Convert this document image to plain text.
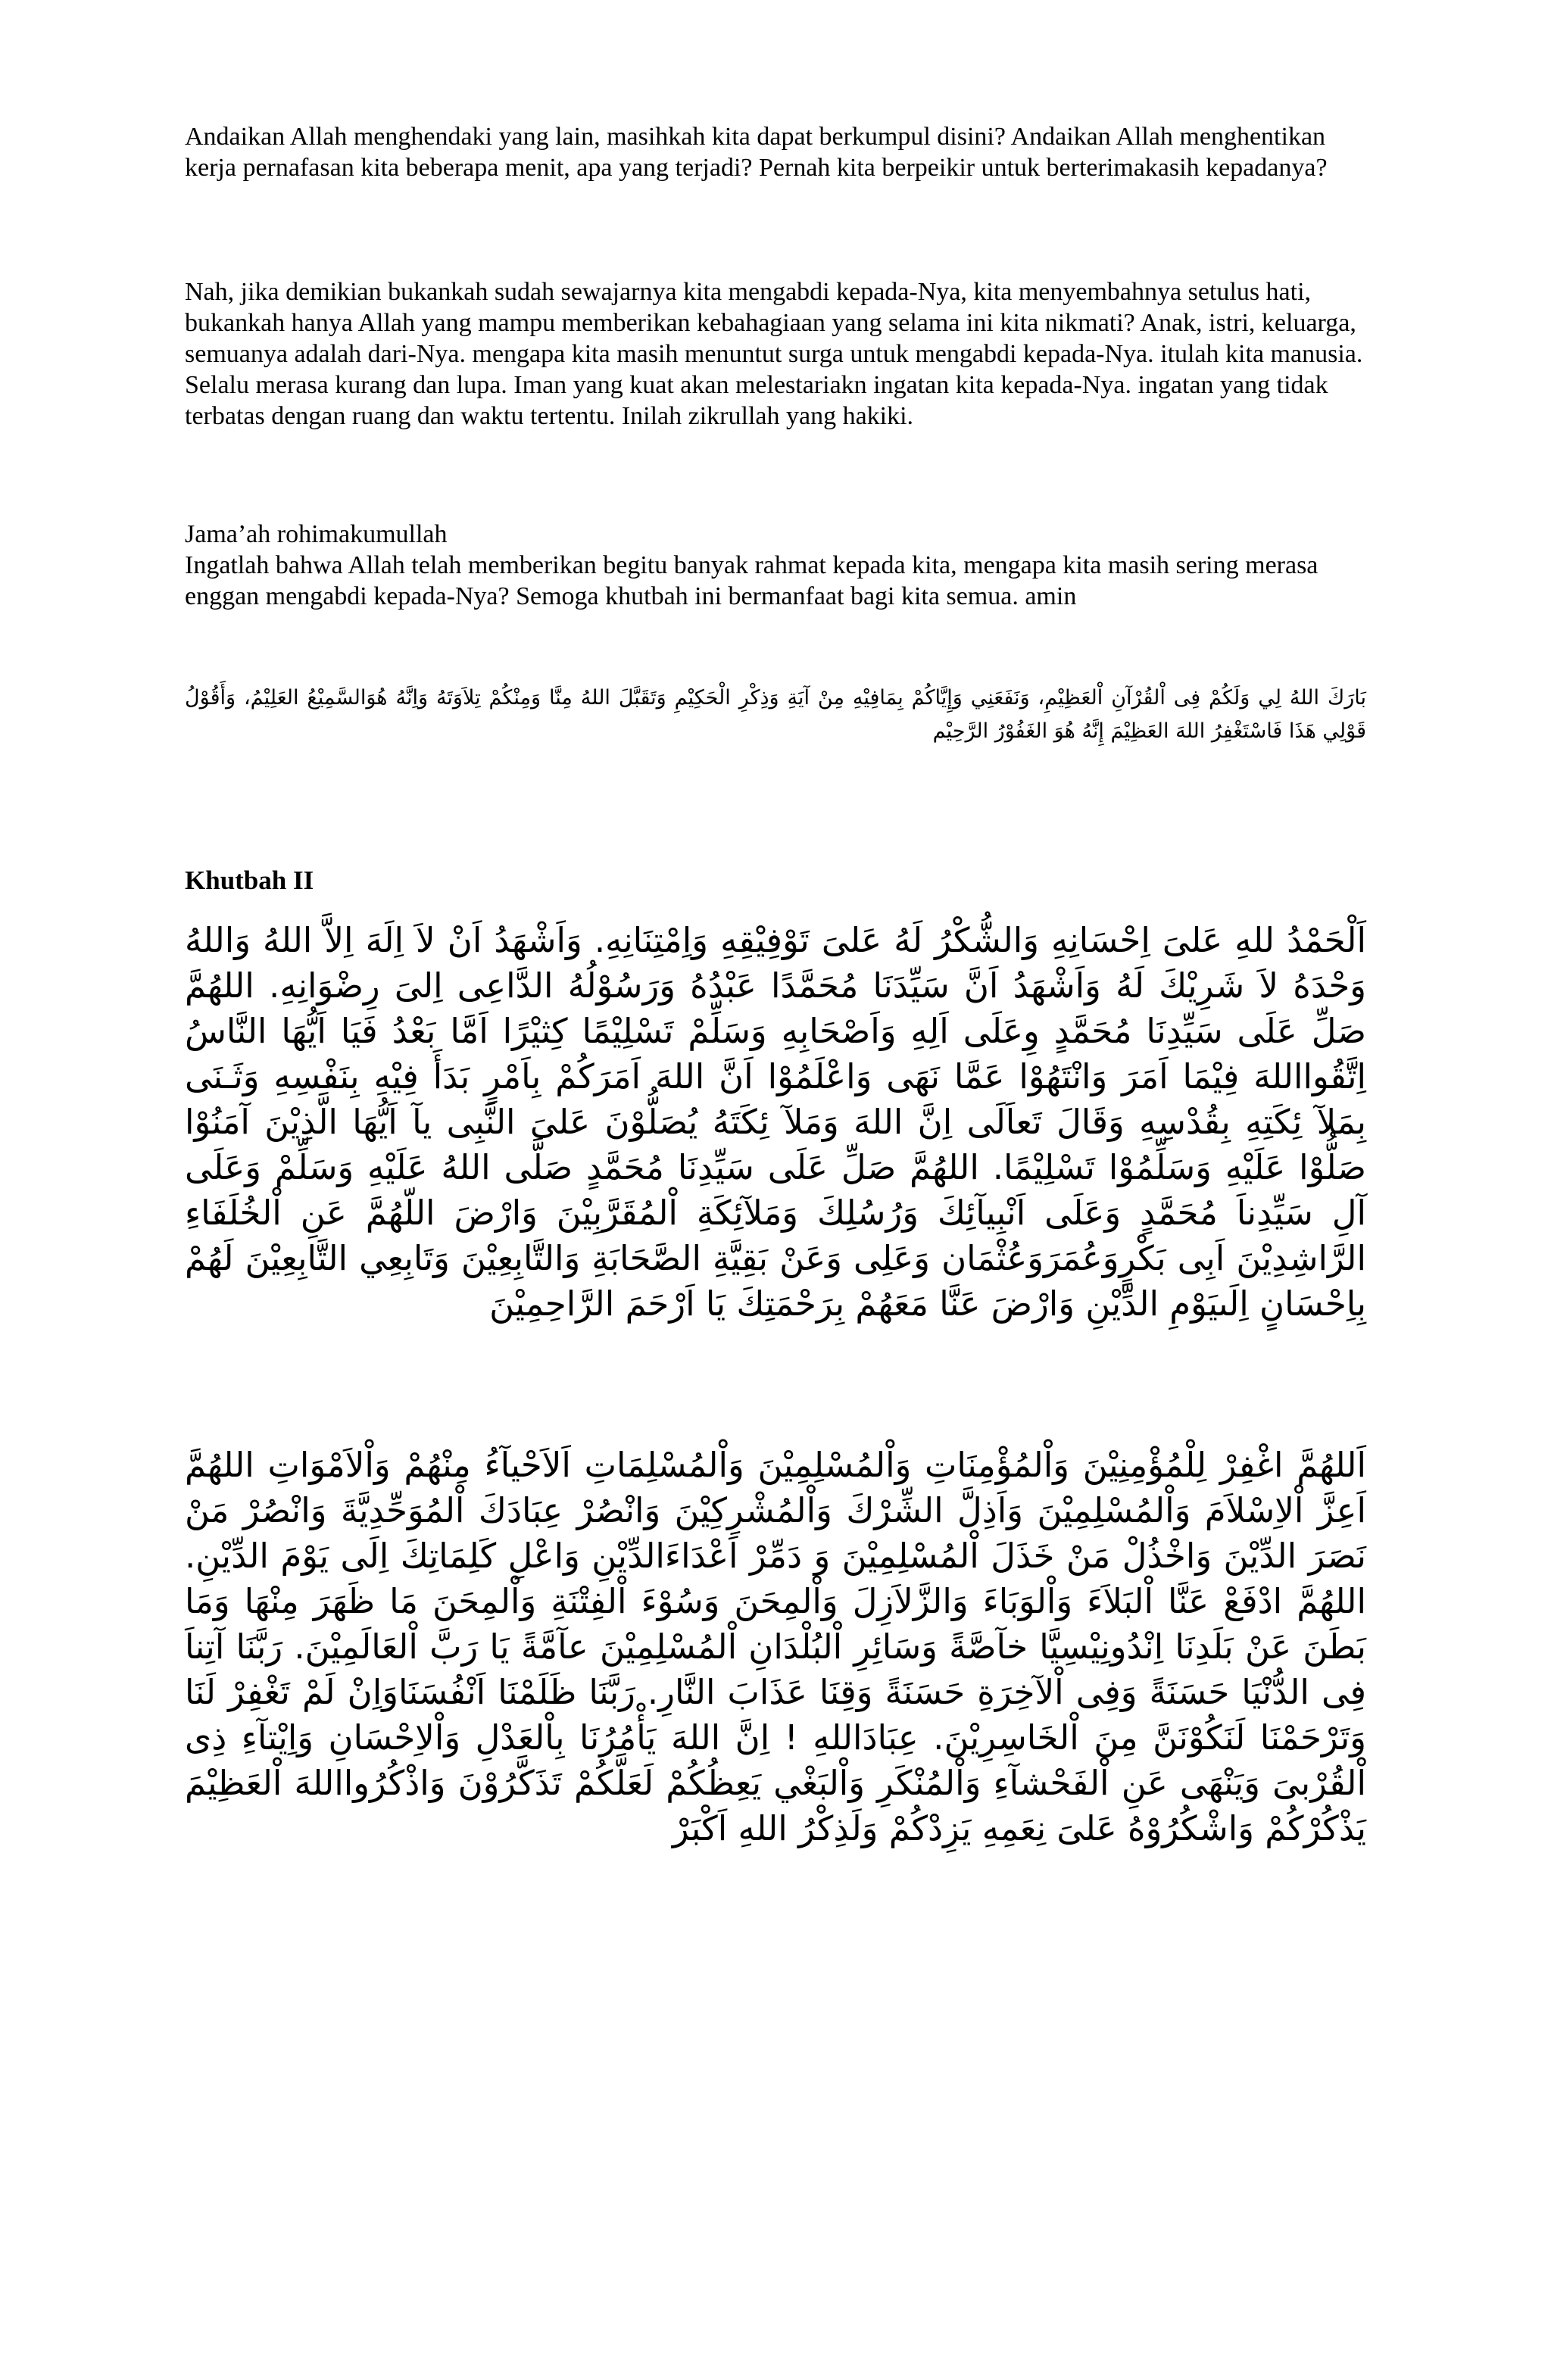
Andaikan Allah menghendaki yang lain, masihkah kita dapat berkumpul disini? Andaikan Allah menghentikan kerja pernafasan kita beberapa menit, apa yang terjadi? Pernah kita berpeikir untuk berterimakasih kepadanya?

Nah, jika demikian bukankah sudah sewajarnya kita mengabdi kepada-Nya, kita menyembahnya setulus hati, bukankah hanya Allah yang mampu memberikan kebahagiaan yang selama ini kita nikmati? Anak, istri, keluarga, semuanya adalah dari-Nya. mengapa kita masih menuntut surga untuk mengabdi kepada-Nya. itulah kita manusia. Selalu merasa kurang dan lupa. Iman yang kuat akan melestariakn ingatan kita kepada-Nya. ingatan yang tidak terbatas dengan ruang dan waktu tertentu. Inilah zikrullah yang hakiki.

Jama’ah rohimakumullah

Ingatlah bahwa Allah telah memberikan begitu banyak rahmat kepada kita, mengapa kita masih sering merasa enggan mengabdi kepada-Nya? Semoga khutbah ini bermanfaat bagi kita semua. amin

بَارَكَ اللهُ لِي وَلَكُمْ فِى اْلقُرْآنِ اْلعَظِيْمِ، وَنَفَعَنِي وَإِيَّاكُمْ بِمَافِيْهِ مِنْ آيَةِ وَذِكْرِ الْحَكِيْمِ وَتَقَبَّلَ اللهُ مِنَّا وَمِنْكُمْ تِلاَوَتَهُ وَاِنَّهُ هُوَالسَّمِيْعُ العَلِيْمُ، وَأَقُوْلُ قَوْلِي هَذَا فَاسْتَغْفِرُ اللهَ العَظِيْمَ إِنَّهُ هُوَ الغَفُوْرُ الرَّحِيْم

Khutbah II

اَلْحَمْدُ للهِ عَلىَ اِحْسَانِهِ وَالشُّكْرُ لَهُ عَلىَ تَوْفِيْقِهِ وَاِمْتِنَانِهِ. وَاَشْهَدُ اَنْ لاَ اِلَهَ اِلاَّ اللهُ وَاللهُ وَحْدَهُ لاَ شَرِيْكَ لَهُ وَاَشْهَدُ اَنَّ سَيِّدَنَا مُحَمَّدًا عَبْدُهُ وَرَسُوْلُهُ الدَّاعِى اِلىَ رِضْوَانِهِ. اللهُمَّ صَلِّ عَلَى سَيِّدِنَا مُحَمَّدٍ وِعَلَى اَلِهِ وَاَصْحَابِهِ وَسَلِّمْ تَسْلِيْمًا كِثيْرًا اَمَّا بَعْدُ فَيَا اَيُّهَا النَّاسُ اِتَّقُوااللهَ فِيْمَا اَمَرَ وَانْتَهُوْا عَمَّا نَهَى وَاعْلَمُوْا اَنَّ اللهَ اَمَرَكُمْ بِاَمْرٍ بَدَأَ فِيْهِ بِنَفْسِهِ وَثَـنَى بِمَلآ ئِكَتِهِ بِقُدْسِهِ وَقَالَ تَعاَلَى اِنَّ اللهَ وَمَلآ ئِكَتَهُ يُصَلُّوْنَ عَلىَ النَّبِى يآ اَيُّهَا الَّذِيْنَ آمَنُوْا صَلُّوْا عَلَيْهِ وَسَلِّمُوْا تَسْلِيْمًا. اللهُمَّ صَلِّ عَلَى سَيِّدِنَا مُحَمَّدٍ صَلَّى اللهُ عَلَيْهِ وَسَلِّمْ وَعَلَى آلِ سَيِّدِناَ مُحَمَّدٍ وَعَلَى اَنْبِيآئِكَ وَرُسُلِكَ وَمَلآئِكَةِ اْلمُقَرَّبِيْنَ وَارْضَ اللّهُمَّ عَنِ اْلخُلَفَاءِ الرَّاشِدِيْنَ اَبِى بَكْرٍوَعُمَرَوَعُثْمَان وَعَلِى وَعَنْ بَقِيَّةِ الصَّحَابَةِ وَالتَّابِعِيْنَ وَتَابِعِي التَّابِعِيْنَ لَهُمْ بِاِحْسَانٍ اِلَىيَوْمِ الدِّيْنِ وَارْضَ عَنَّا مَعَهُمْ بِرَحْمَتِكَ يَا اَرْحَمَ الرَّاحِمِيْنَ

اَللهُمَّ اغْفِرْ لِلْمُؤْمِنِيْنَ وَاْلمُؤْمِنَاتِ وَاْلمُسْلِمِيْنَ وَاْلمُسْلِمَاتِ اَلاَحْيآءُ مِنْهُمْ وَاْلاَمْوَاتِ اللهُمَّ اَعِزَّ اْلاِسْلاَمَ وَاْلمُسْلِمِيْنَ وَاَذِلَّ الشِّرْكَ وَاْلمُشْرِكِيْنَ وَانْصُرْ عِبَادَكَ اْلمُوَحِّدِيَّةَ وَانْصُرْ مَنْ نَصَرَ الدِّيْنَ وَاخْذُلْ مَنْ خَذَلَ اْلمُسْلِمِيْنَ وَ دَمِّرْ اَعْدَاءَالدِّيْنِ وَاعْلِ كَلِمَاتِكَ اِلَى يَوْمَ الدِّيْنِ. اللهُمَّ ادْفَعْ عَنَّا اْلبَلاَءَ وَاْلوَبَاءَ وَالزَّلاَزِلَ وَاْلمِحَنَ وَسُوْءَ اْلفِتْنَةِ وَاْلمِحَنَ مَا ظَهَرَ مِنْهَا وَمَا بَطَنَ عَنْ بَلَدِنَا اِنْدُونِيْسِيَّا خآصَّةً وَسَائِرِ اْلبُلْدَانِ اْلمُسْلِمِيْنَ عآمَّةً يَا رَبَّ اْلعَالَمِيْنَ. رَبَّنَا آتِناَ فِى الدُّنْيَا حَسَنَةً وَفِى اْلآخِرَةِ حَسَنَةً وَقِنَا عَذَابَ النَّارِ. رَبَّنَا ظَلَمْنَا اَنْفُسَنَاوَاِنْ لَمْ تَغْفِرْ لَنَا وَتَرْحَمْنَا لَنَكُوْنَنَّ مِنَ اْلخَاسِرِيْنَ. عِبَادَاللهِ ! اِنَّ اللهَ يَأْمُرُنَا بِاْلعَدْلِ وَاْلاِحْسَانِ وَاِيْتآءِ ذِى اْلقُرْبىَ وَيَنْهَى عَنِ اْلفَحْشآءِ وَاْلمُنْكَرِ وَاْلبَغْي يَعِظُكُمْ لَعَلَّكُمْ تَذَكَّرُوْنَ وَاذْكُرُوااللهَ اْلعَظِيْمَ يَذْكُرْكُمْ وَاشْكُرُوْهُ عَلىَ نِعَمِهِ يَزِدْكُمْ وَلَذِكْرُ اللهِ اَكْبَرْ
